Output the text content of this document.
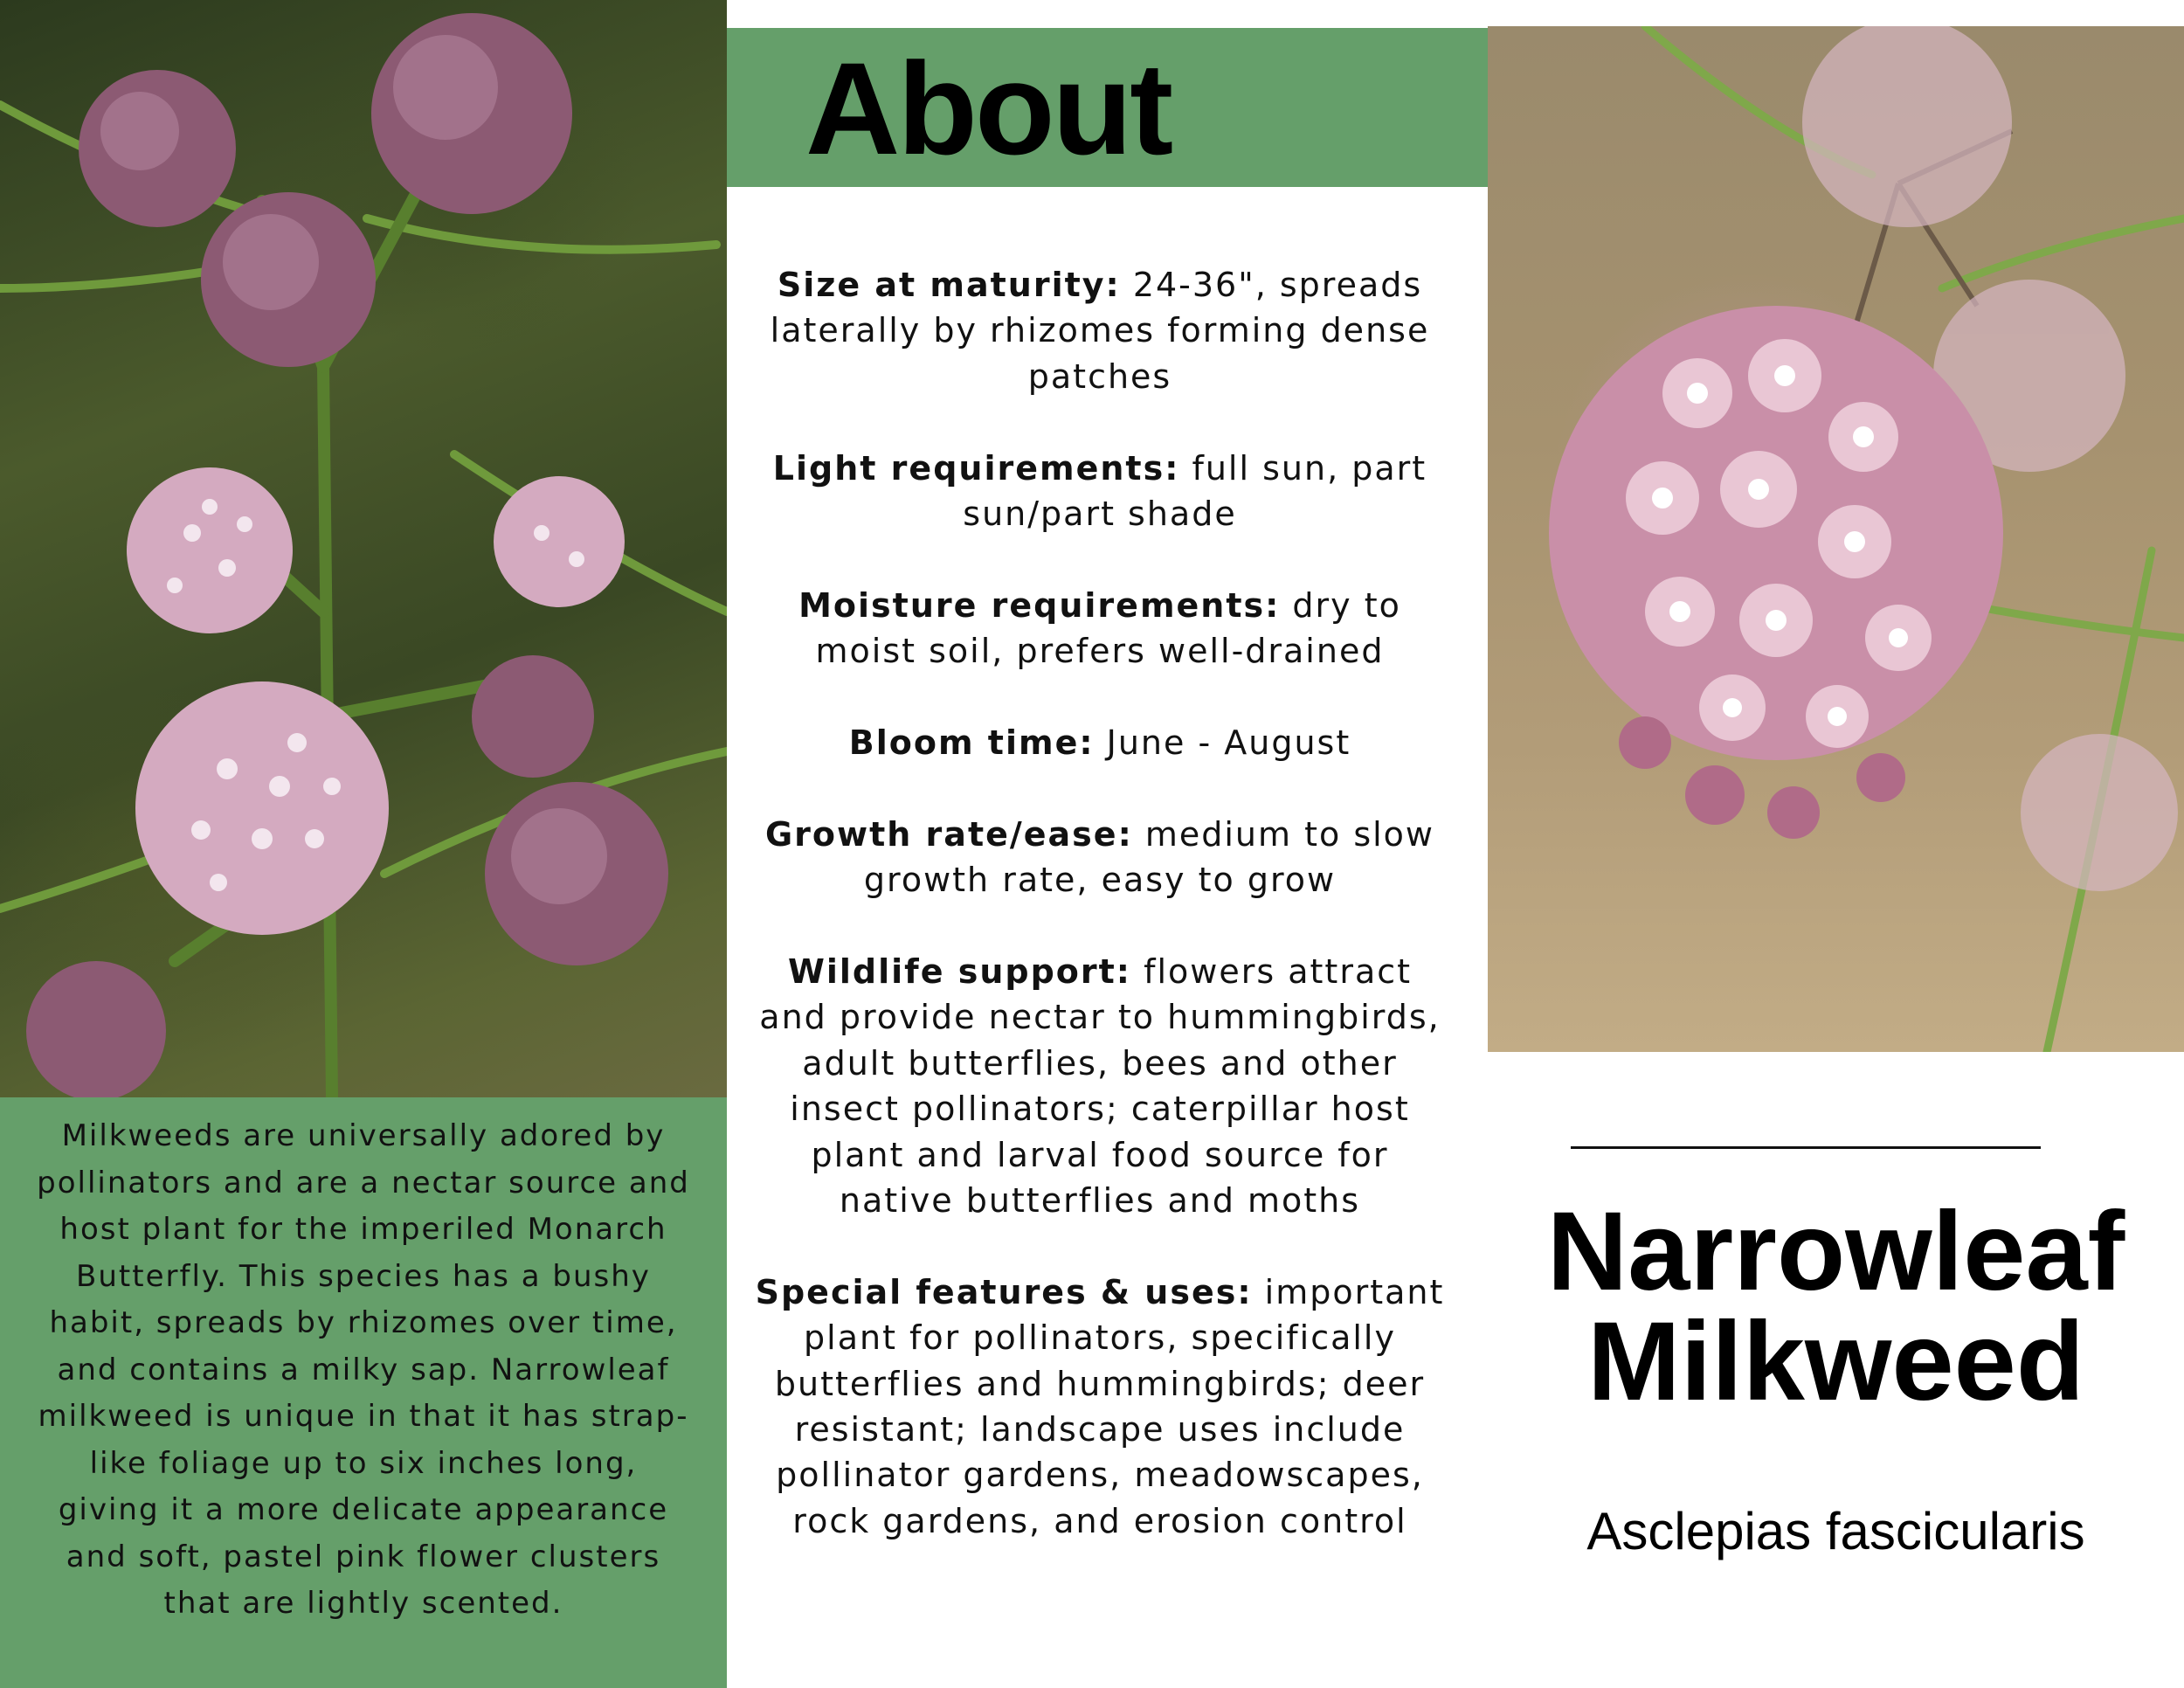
Milkweeds are universally adored by pollinators and are a nectar source and host plant for the imperiled Monarch Butterfly. This species has a bushy habit, spreads by rhizomes over time, and contains a milky sap. Narrowleaf milkweed is unique in that it has strap-like foliage up to six inches long, giving it a more delicate appearance and soft, pastel pink flower clusters that are lightly scented.

About

Size at maturity: 24-36", spreads laterally by rhizomes forming dense patches

Light requirements: full sun, part sun/part shade

Moisture requirements: dry to moist soil, prefers well-drained

Bloom time: June - August

Growth rate/ease: medium to slow growth rate, easy to grow

Wildlife support: flowers attract and provide nectar to hummingbirds, adult butterflies, bees and other insect pollinators; caterpillar host plant and larval food source for native butterflies and moths

Special features & uses: important plant for pollinators, specifically butterflies and hummingbirds; deer resistant; landscape uses include pollinator gardens, meadowscapes, rock gardens, and erosion control

Narrowleaf
Milkweed

Asclepias fascicularis
